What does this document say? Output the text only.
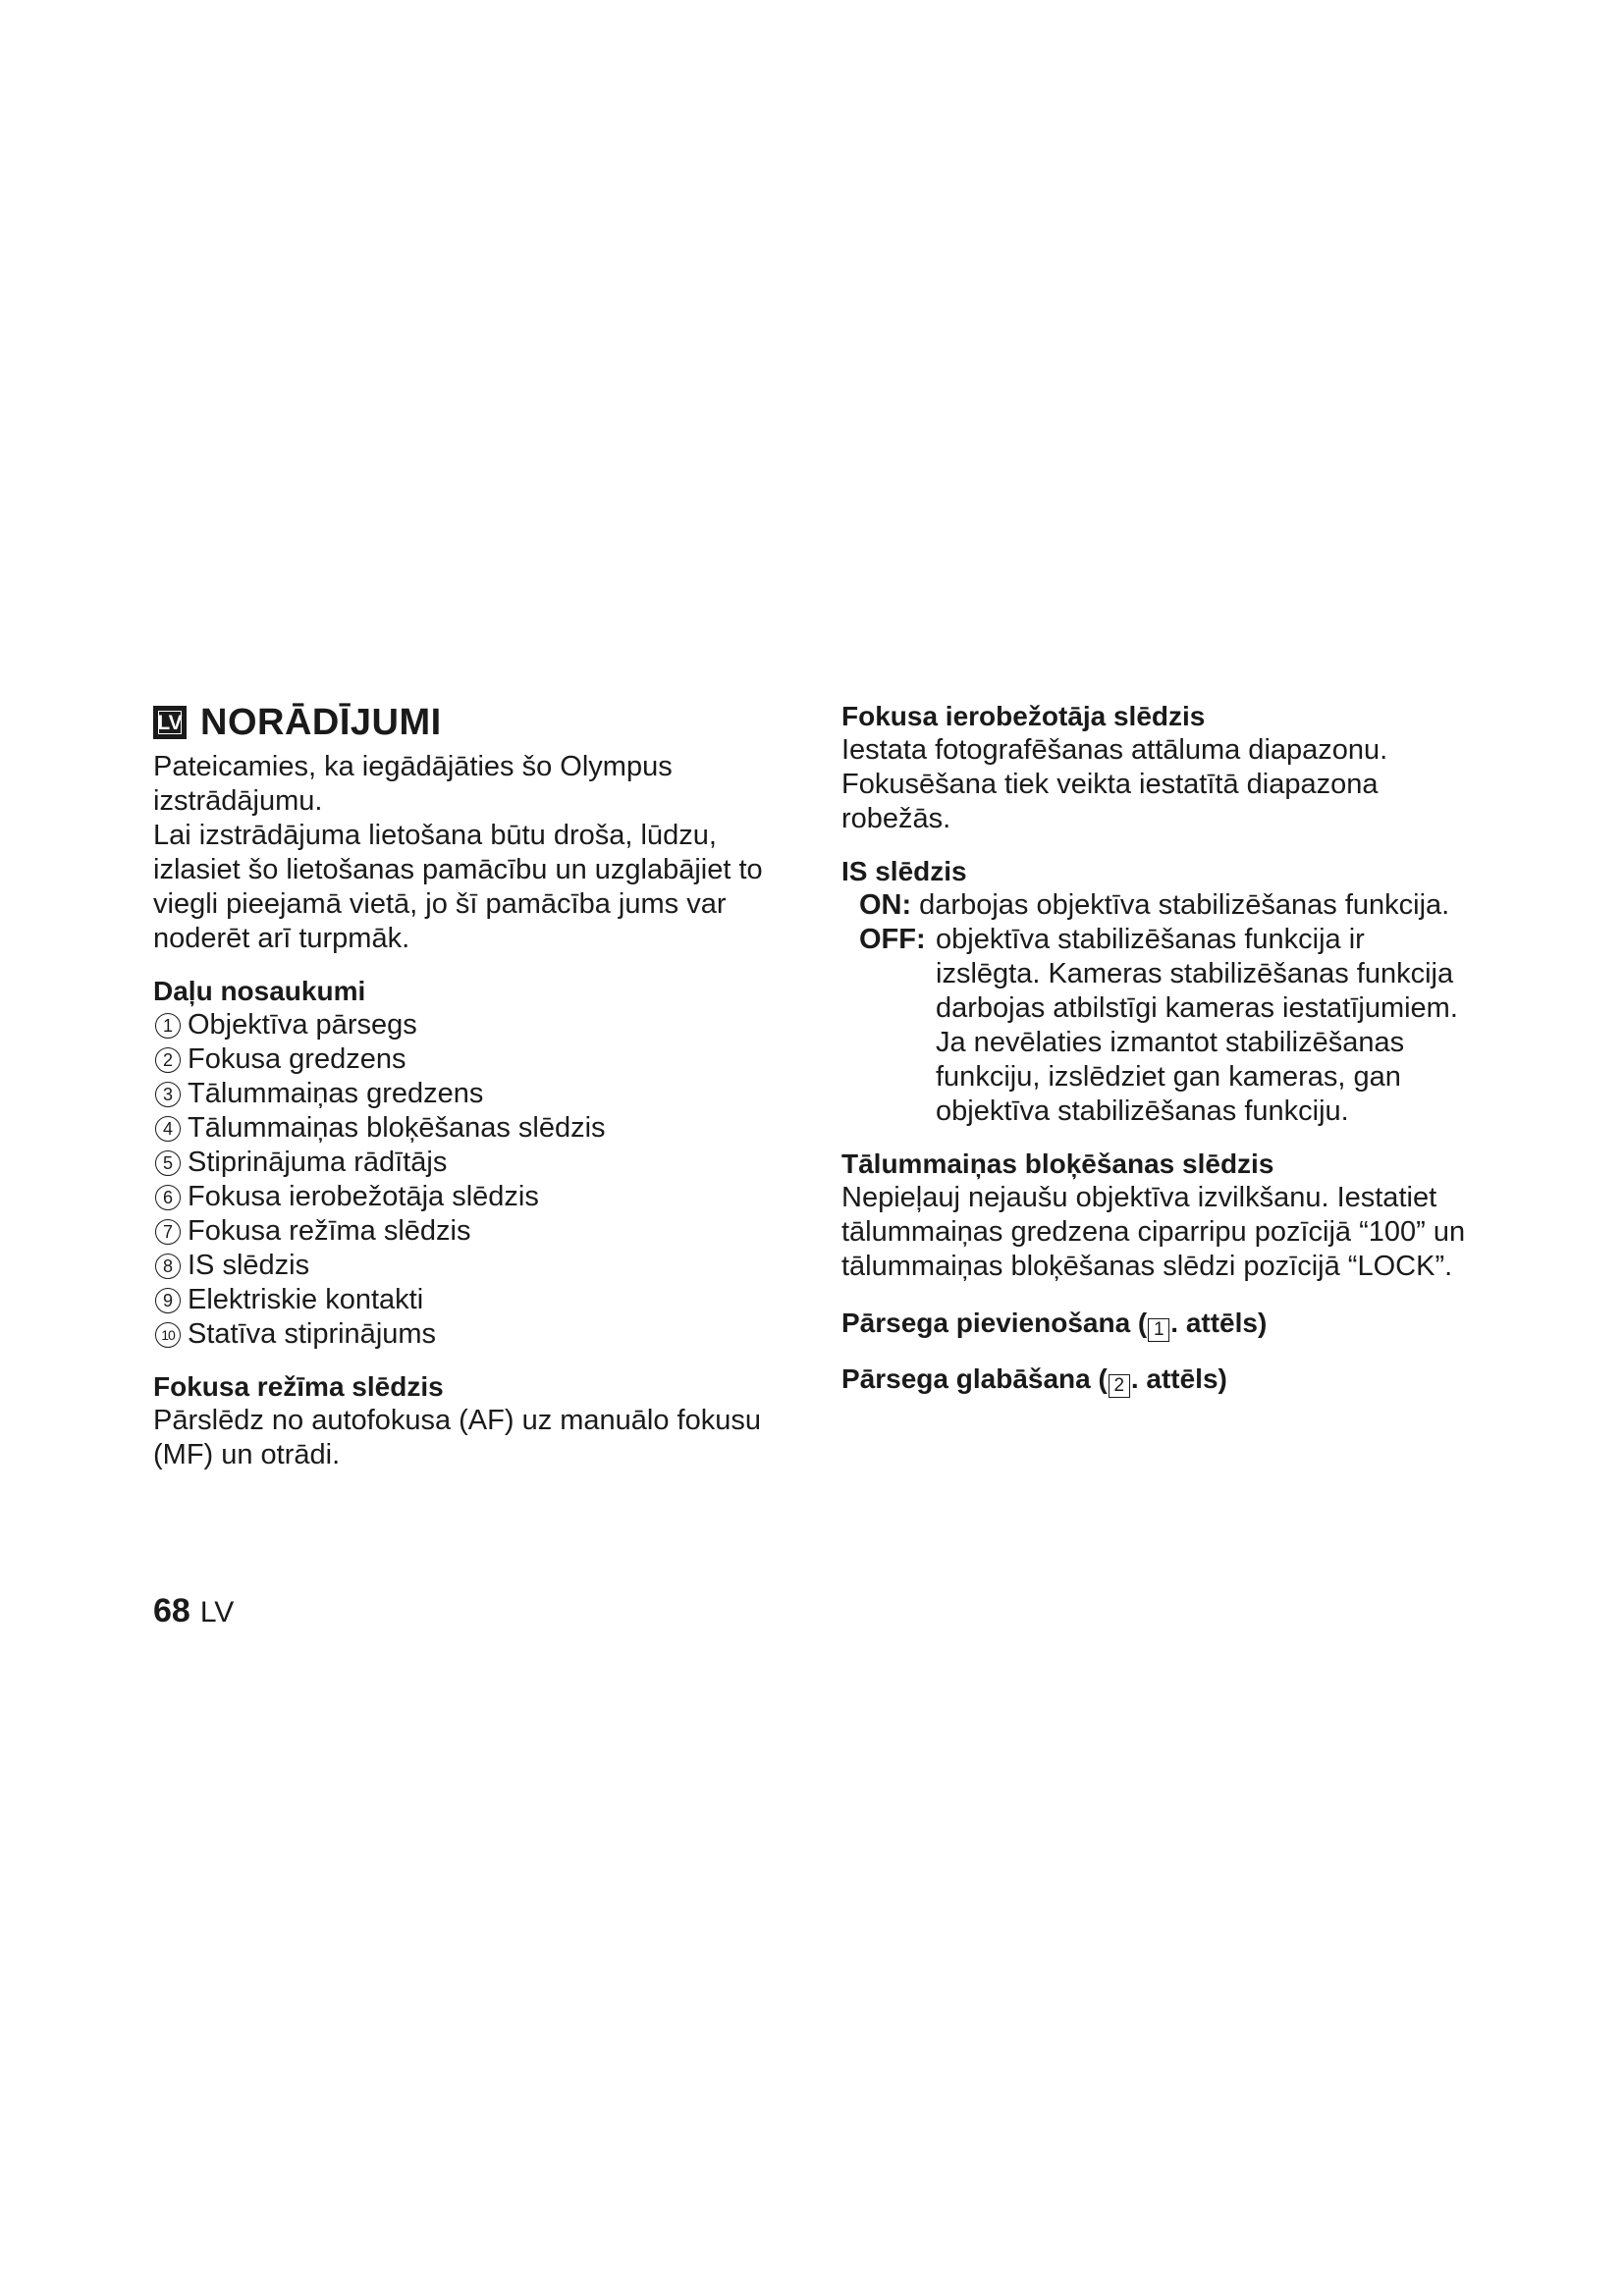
LV NORĀDĪJUMI

Pateicamies, ka iegādājāties šo Olympus izstrādājumu.

Lai izstrādājuma lietošana būtu droša, lūdzu, izlasiet šo lietošanas pamācību un uzglabājiet to viegli pieejamā vietā, jo šī pamācība jums var noderēt arī turpmāk.

Daļu nosaukumi

1 Objektīva pārsegs
2 Fokusa gredzens
3 Tālummaiņas gredzens
4 Tālummaiņas bloķēšanas slēdzis
5 Stiprinājuma rādītājs
6 Fokusa ierobežotāja slēdzis
7 Fokusa režīma slēdzis
8 IS slēdzis
9 Elektriskie kontakti
10 Statīva stiprinājums

Fokusa režīma slēdzis

Pārslēdz no autofokusa (AF) uz manuālo fokusu (MF) un otrādi.

Fokusa ierobežotāja slēdzis

Iestata fotografēšanas attāluma diapazonu. Fokusēšana tiek veikta iestatītā diapazona robežās.

IS slēdzis

ON: darbojas objektīva stabilizēšanas funkcija.
OFF: objektīva stabilizēšanas funkcija ir

izslēgta. Kameras stabilizēšanas funkcija darbojas atbilstīgi kameras iestatījumiem. Ja nevēlaties izmantot stabilizēšanas funkciju, izslēdziet gan kameras, gan objektīva stabilizēšanas funkciju.

Tālummaiņas bloķēšanas slēdzis

Nepieļauj nejaušu objektīva izvilkšanu. Iestatiet tālummaiņas gredzena ciparripu pozīcijā “100” un tālummaiņas bloķēšanas slēdzi pozīcijā “LOCK”.

Pārsega pievienošana ( 1 . attēls)

Pārsega glabāšana ( 2 . attēls)

68 LV
